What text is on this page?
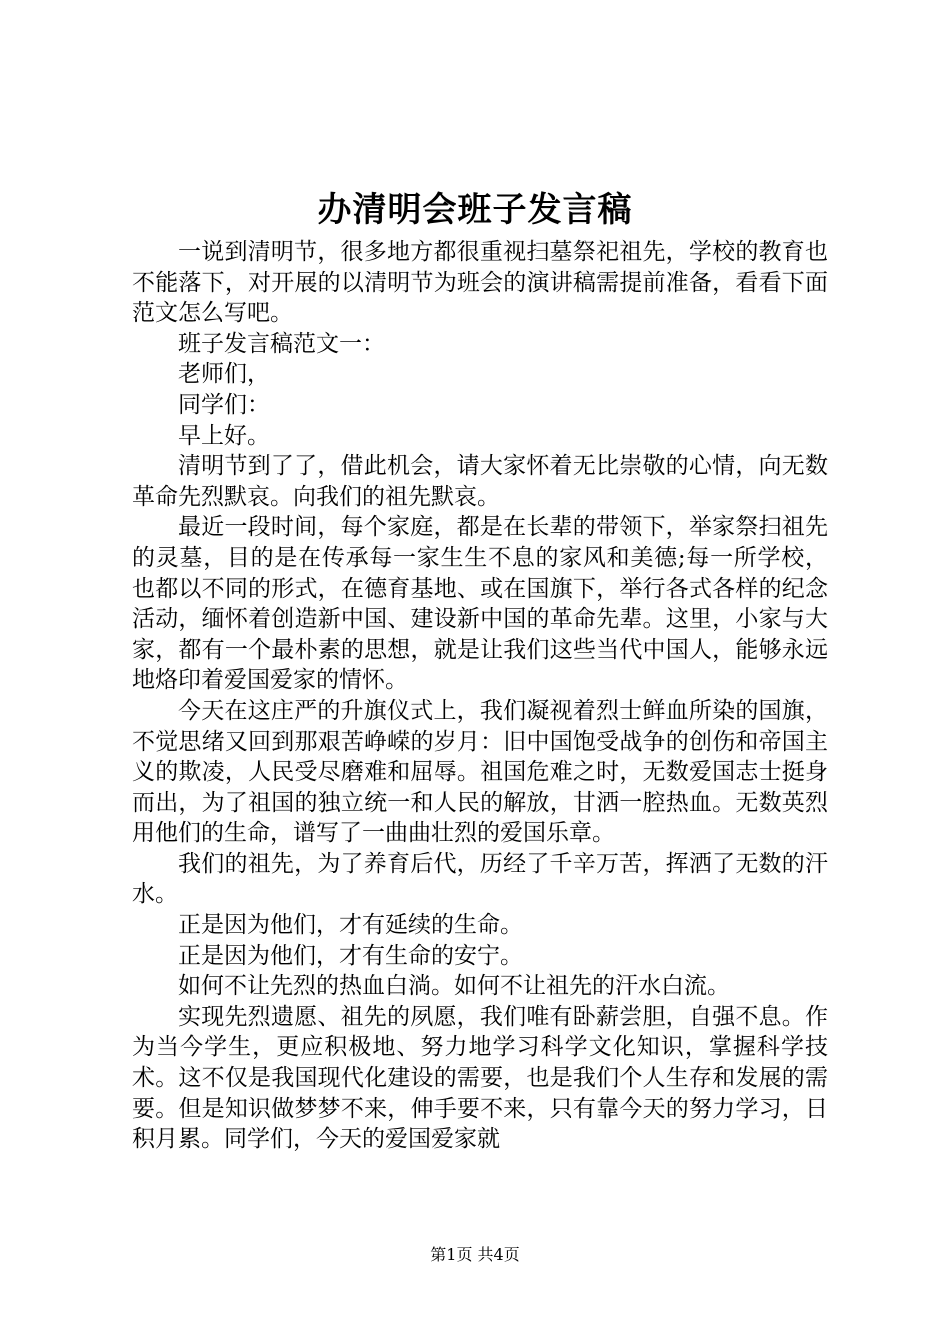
办清明会班子发言稿

一说到清明节，很多地方都很重视扫墓祭祀祖先，学校的教育也不能落下，对开展的以清明节为班会的演讲稿需提前准备，看看下面范文怎么写吧。

班子发言稿范文一：

老师们，

同学们：

早上好。

清明节到了了，借此机会，请大家怀着无比崇敬的心情，向无数革命先烈默哀。向我们的祖先默哀。

最近一段时间，每个家庭，都是在长辈的带领下，举家祭扫祖先的灵墓，目的是在传承每一家生生不息的家风和美德;每一所学校，也都以不同的形式，在德育基地、或在国旗下，举行各式各样的纪念活动，缅怀着创造新中国、建设新中国的革命先辈。这里，小家与大家，都有一个最朴素的思想，就是让我们这些当代中国人，能够永远地烙印着爱国爱家的情怀。

今天在这庄严的升旗仪式上，我们凝视着烈士鲜血所染的国旗，不觉思绪又回到那艰苦峥嵘的岁月：旧中国饱受战争的创伤和帝国主义的欺凌，人民受尽磨难和屈辱。祖国危难之时，无数爱国志士挺身而出，为了祖国的独立统一和人民的解放，甘洒一腔热血。无数英烈用他们的生命，谱写了一曲曲壮烈的爱国乐章。

我们的祖先，为了养育后代，历经了千辛万苦，挥洒了无数的汗水。

正是因为他们，才有延续的生命。

正是因为他们，才有生命的安宁。

如何不让先烈的热血白淌。如何不让祖先的汗水白流。

实现先烈遗愿、祖先的夙愿，我们唯有卧薪尝胆，自强不息。作为当今学生，更应积极地、努力地学习科学文化知识，掌握科学技术。这不仅是我国现代化建设的需要，也是我们个人生存和发展的需要。但是知识做梦梦不来，伸手要不来，只有靠今天的努力学习，日积月累。同学们，今天的爱国爱家就

第1页 共4页
